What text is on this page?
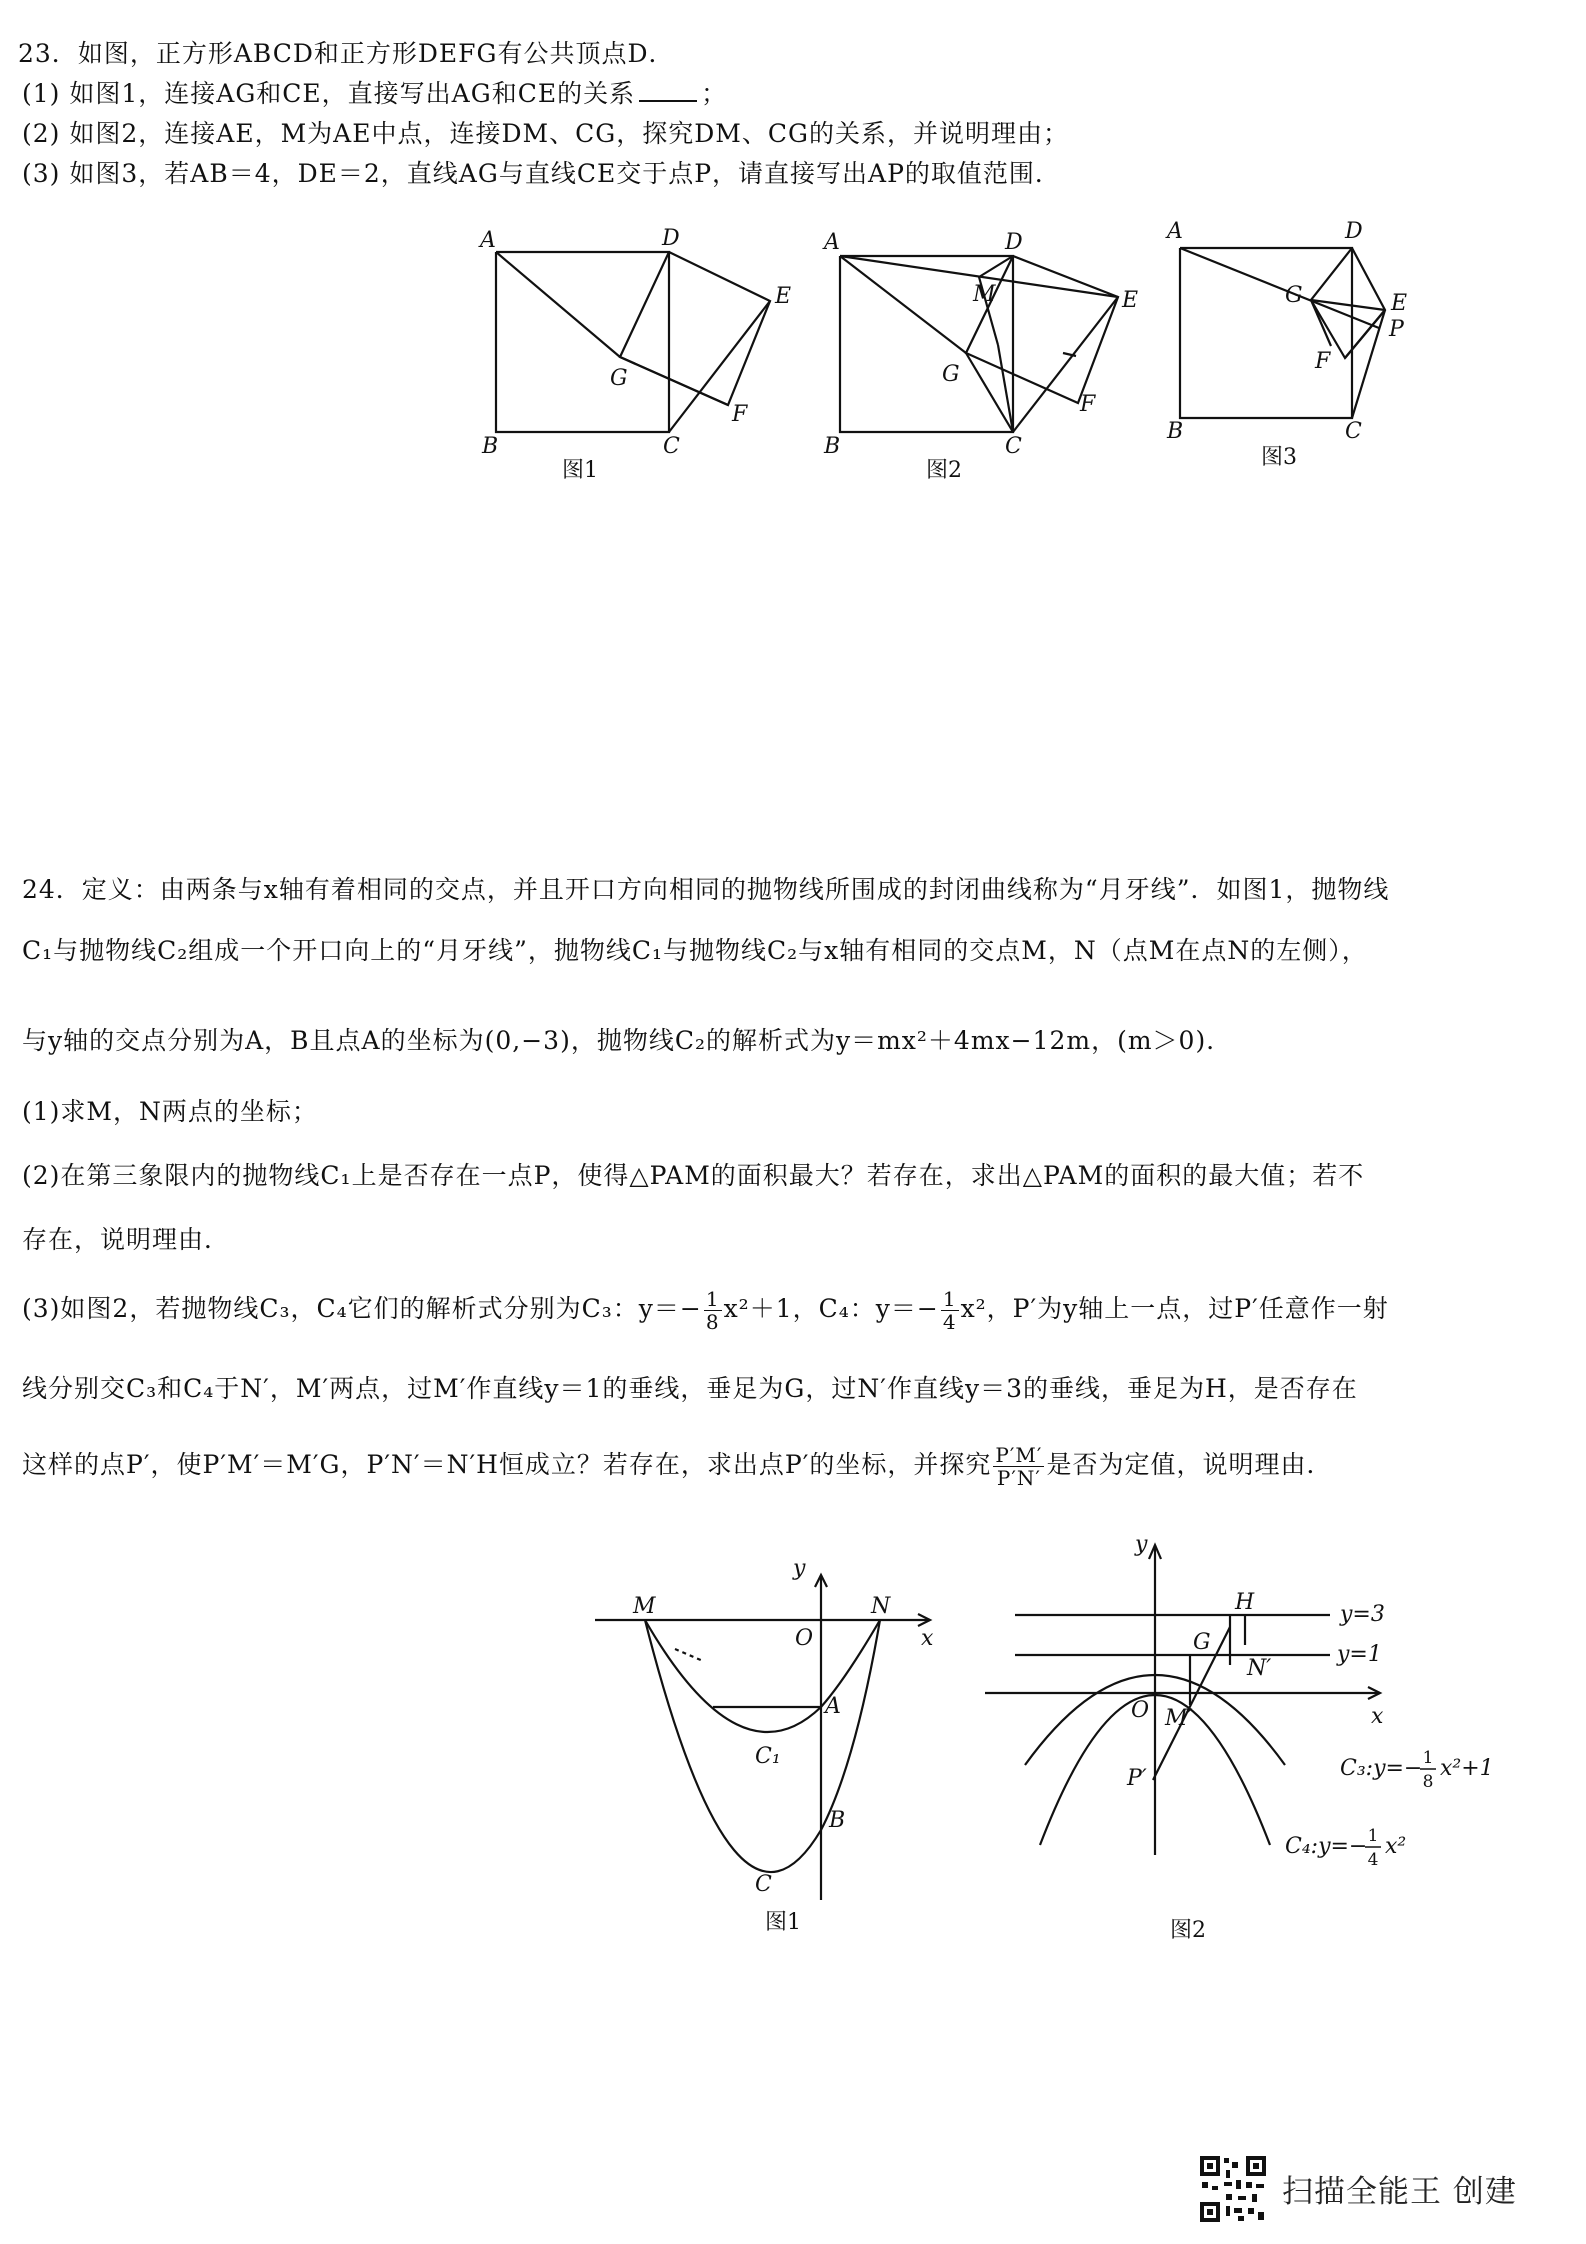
23．如图，正方形ABCD和正方形DEFG有公共顶点D．
(1) 如图1，连接AG和CE，直接写出AG和CE的关系	；
(2) 如图2，连接AE，M为AE中点，连接DM、CG，探究DM、CG的关系，并说明理由；
(3) 如图3，若AB＝4，DE＝2，直线AG与直线CE交于点P，请直接写出AP的取值范围．
A	D
E
G
F
B	C
图1
A	D
M	E
G
F
B	C
图2
A	D
G	E
P
F
B	C
图3
24．定义：由两条与x轴有着相同的交点，并且开口方向相同的抛物线所围成的封闭曲线称为“月牙线”．如图1，抛物线
C₁与抛物线C₂组成一个开口向上的“月牙线”，抛物线C₁与抛物线C₂与x轴有相同的交点M，N（点M在点N的左侧），
与y轴的交点分别为A，B且点A的坐标为(0,−3)，抛物线C₂的解析式为y＝mx²＋4mx−12m，(m＞0)．
(1)求M，N两点的坐标；
(2)在第三象限内的抛物线C₁上是否存在一点P，使得△PAM的面积最大？若存在，求出△PAM的面积的最大值；若不
存在，说明理由．
(3)如图2，若抛物线C₃，C₄它们的解析式分别为C₃：$y=- \frac{1}{8} x^2+1$，C₄：$y=- \frac{1}{4} x^2$，P′为y轴上一点，过P′任意作一射
线分别交C₃和C₄于N′，M′两点，过M′作直线y＝1的垂线，垂足为G，过N′作直线y＝3的垂线，垂足为H，是否存在
这样的点P′，使P′M′＝M′G，P′N′＝N′H恒成立？若存在，求出点P′的坐标，并探究 $\frac{P'M'}{P'N'}$ 是否为定值，说明理由．
y
M	N
O	x
A
C₁
B
C
图1
y
H	y=3
G	y=1
N′
O M′	x
P′	C₃:y=− 1
8
x²+1
C₄:y=− 1
4
x²
图2
扫描全能王 创建
